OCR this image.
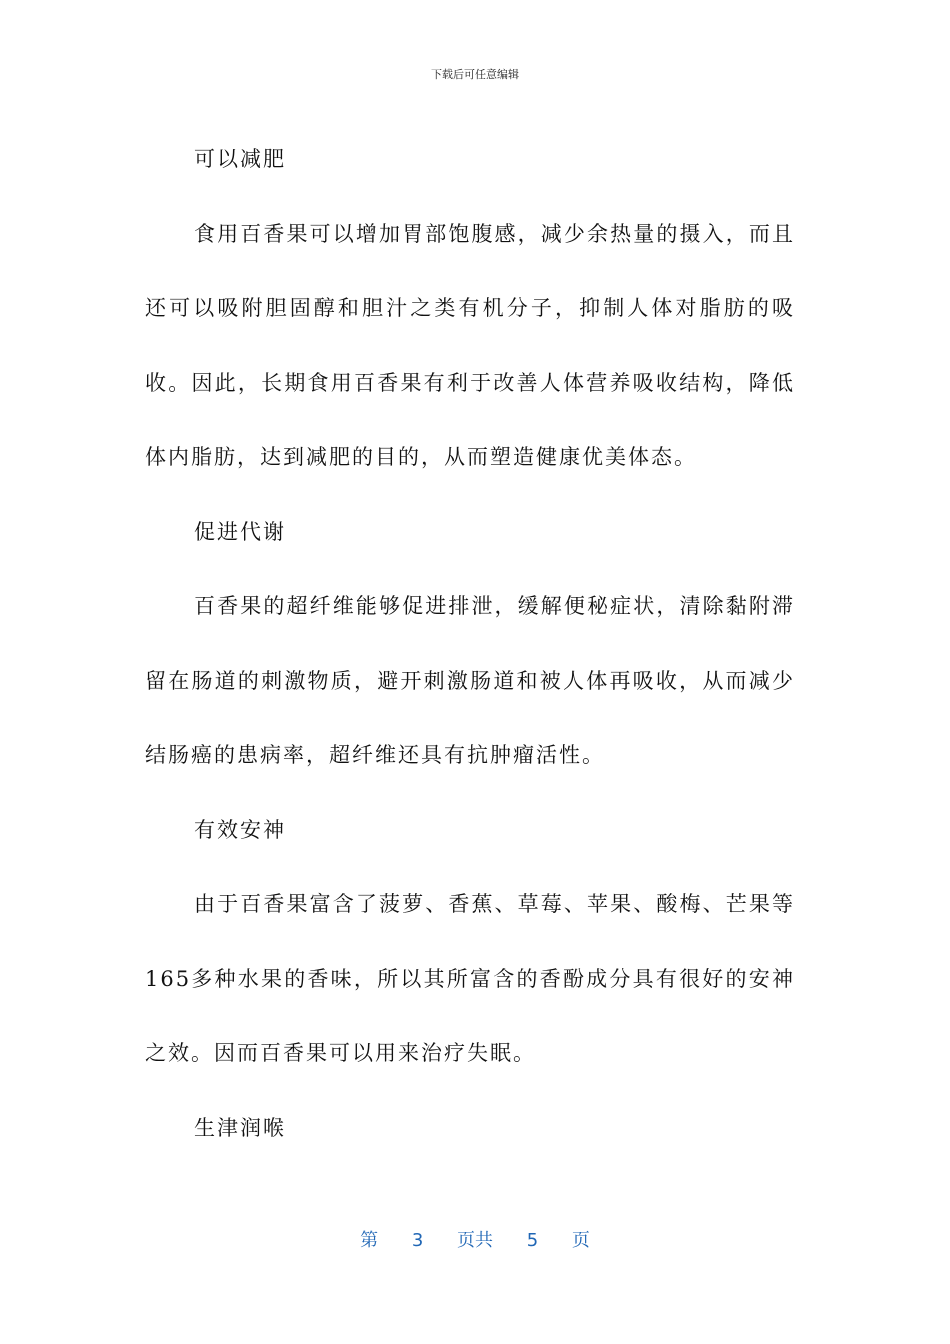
下载后可任意编辑

可以减肥

食用百香果可以增加胃部饱腹感，减少余热量的摄入，而且还可以吸附胆固醇和胆汁之类有机分子，抑制人体对脂肪的吸收。因此，长期食用百香果有利于改善人体营养吸收结构，降低体内脂肪，达到减肥的目的，从而塑造健康优美体态。

促进代谢

百香果的超纤维能够促进排泄，缓解便秘症状，清除黏附滞留在肠道的刺激物质，避开刺激肠道和被人体再吸收，从而减少结肠癌的患病率，超纤维还具有抗肿瘤活性。

有效安神

由于百香果富含了菠萝、香蕉、草莓、苹果、酸梅、芒果等165多种水果的香味，所以其所富含的香酚成分具有很好的安神之效。因而百香果可以用来治疗失眠。

生津润喉

第 3 页共 5 页
